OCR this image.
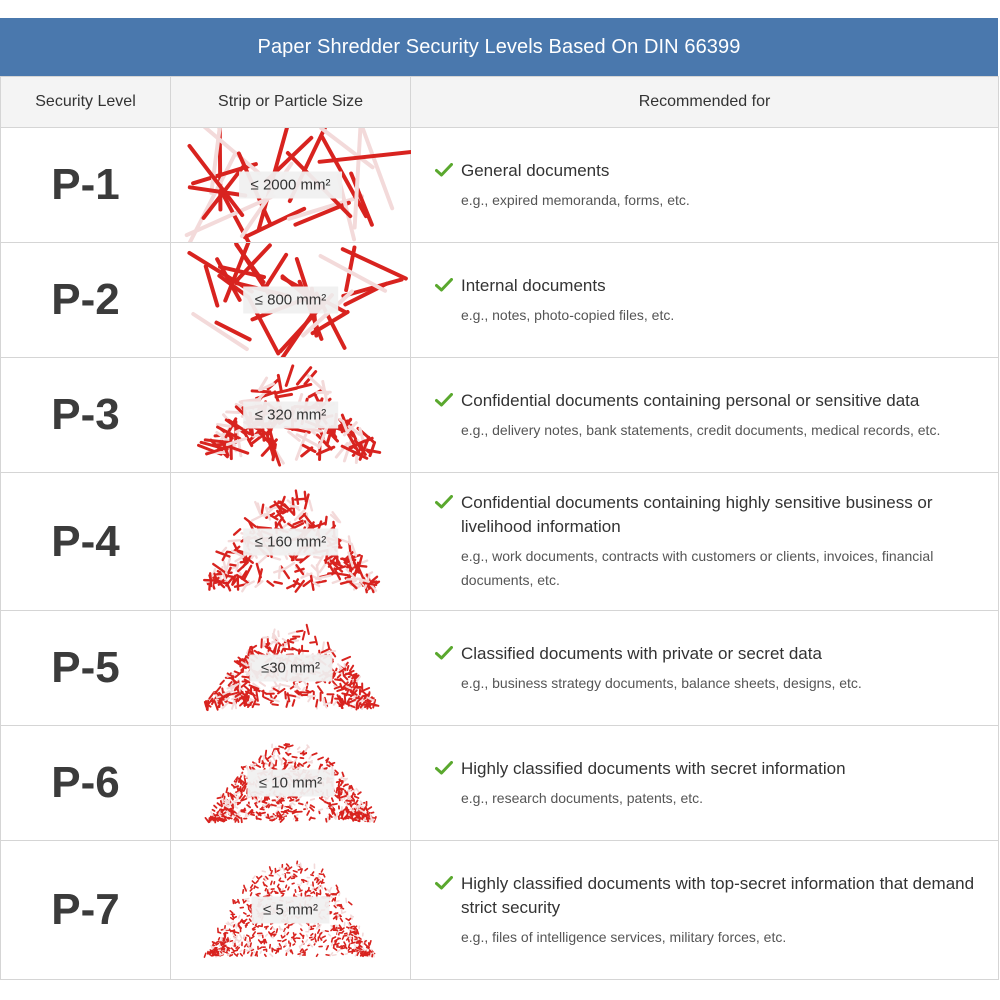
Paper Shredder Security Levels Based On DIN 66399
Security Level	Strip or Particle Size	Recommended for
P-1	≤ 2000 mm²	General documents
e.g., expired memoranda, forms, etc.

P-2	≤ 800 mm²	Internal documents
e.g., notes, photo-copied files, etc.

P-3	≤ 320 mm²	Confidential documents containing personal or sensitive data
e.g., delivery notes, bank statements, credit documents, medical records, etc.

P-4	≤ 160 mm²	Confidential documents containing highly sensitive business or livelihood information
e.g., work documents, contracts with customers or clients, invoices, financial documents, etc.

P-5	≤30 mm²	Classified documents with private or secret data
e.g., business strategy documents, balance sheets, designs, etc.

P-6	≤ 10 mm²	Highly classified documents with secret information
e.g., research documents, patents, etc.

P-7	≤ 5 mm²	Highly classified documents with top-secret information that demand strict security
e.g., files of intelligence services, military forces, etc.
